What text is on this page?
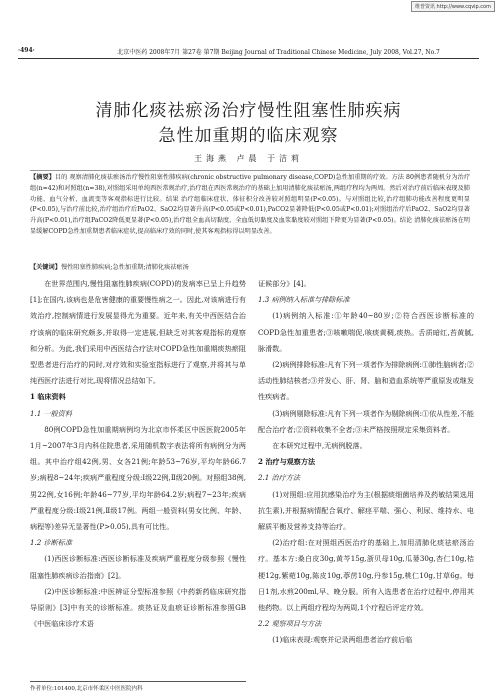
维普资讯 http://www.cqvip.com
·494·	北京中医药 2008年7月 第27卷 第7期 Beijing Journal of Traditional Chinese Medicine, July 2008, Vol.27, No.7
清肺化痰祛瘀汤治疗慢性阻塞性肺疾病
急性加重期的临床观察
王海燕 卢晨 于洁莉
【摘要】目的 观察清肺化痰祛瘀汤治疗慢性阻塞性肺疾病(chronic obstructive pulmonary disease,COPD)急性加重期的疗效。方法 80例患者随机分为治疗组(n=42)和对照组(n=38),对照组采用单纯西医常规治疗,治疗组在西医常规治疗的基础上加用清肺化痰祛瘀汤,两组疗程均为两周。然后对治疗前后临床表现及肺功能、血气分析、血流变等客观指标进行比较。结果 治疗组临床症状、体征积分改善较对照组明显(P<0.05)。与对照组比较,治疗组肺功能改善程度更明显(P<0.05),与治疗前比较,治疗组治疗后PaO2、SaO2均显著升高(P<0.05或P<0.01),PaCO2显著降低(P<0.05或P<0.01);对照组治疗后PaO2、SaO2均显著升高(P<0.01),治疗组PaCO2降低更显著(P<0.05),治疗组全血高切黏度、全血低切黏度及血浆黏度较对照组下降更为显著(P<0.05)。结论 清肺化痰祛瘀汤在明显缓解COPD急性加重期患者临床症状,提高临床疗效的同时,使其客观指标得以明显改善。
【关键词】慢性阻塞性肺疾病;急性加重期;清肺化痰祛瘀汤

在世界范围内,慢性阻塞性肺疾病(COPD)的发病率已呈上升趋势[1];在国内,该病也是危害健康的重要慢性病之一。因此,对该病进行有效治疗,控制病情进行发展显得尤为重要。近年来,有关中西医结合治疗该病的临床研究颇多,并取得一定进展,但缺乏对其客观指标的观察和分析。为此,我们采用中西医结合疗法对COPD急性加重期痰热瘀阻型患者进行治疗的同时,对疗效和实验室指标进行了观察,并将其与单纯西医疗法进行对比,现将情况总结如下。

1 临床资料

1.1 一般资料

80例COPD急性加重期病例均为北京市怀柔区中医医院2005年1月~2007年3月内科住院患者,采用随机数字表法将所有病例分为两组。其中治疗组42例,男、女各21例;年龄53~76岁,平均年龄66.7岁;病程8~24年;疾病严重程度分级:Ⅰ级22例,Ⅱ级20例。对照组38例,男22例,女16例;年龄46~77岁,平均年龄64.2岁;病程7~23年;疾病严重程度分级:Ⅰ级21例,Ⅱ级17例。两组一般资料(男女比例、年龄、病程等)差异无显著性(P>0.05),具有可比性。

1.2 诊断标准

(1)西医诊断标准:西医诊断标准及疾病严重程度分级参照《慢性阻塞性肺疾病诊治指南》[2]。

(2)中医诊断标准:中医辨证分型标准参照《中药新药临床研究指导原则》[3]中有关的诊断标准。痰热证及血瘀证诊断标准参照GB《中医临床诊疗术语

作者单位:101400,北京市怀柔区中医医院内科

证候部分》[4]。

1.3 病例纳入标准与排除标准

(1)病例纳入标准:①年龄40~80岁;②符合西医诊断标准的COPD急性加重患者;③咳嗽喘促,咳痰黄稠,痰热。舌质暗红,苔黄腻,脉滑数。

(2)病例排除标准:凡有下列一项者作为排除病例:①肺性脑病者;②活动性肺结核者;③并发心、肝、肾、脑和造血系统等严重原发或继发性疾病者。

(3)病例剔除标准:凡有下列一项者作为剔除病例:①依从性差,不能配合治疗者;②资料收集不全者;③未严格按照规定采集资料者。

在本研究过程中,无病例脱落。

2 治疗与观察方法

2.1 治疗方法

(1)对照组:应用抗感染治疗为主(根据痰细菌培养及药敏结果选用抗生素),并根据病情配合氧疗、解痉平喘、强心、利尿、维持水、电解质平衡及营养支持等治疗。

(2)治疗组:在对照组西医治疗的基础上,加用清肺化痰祛瘀汤治疗。基本方:桑白皮30g,黄芩15g,浙贝母10g,瓜蒌30g,杏仁10g,桔梗12g,紫菀10g,陈皮10g,葶苈10g,丹参15g,桃仁10g,甘草6g。每日1剂,水煎200ml,早、晚分服。所有入选患者在治疗过程中,停用其他药物。以上两组疗程均为两周,1个疗程后评定疗效。

2.2 观察项目与方法

(1)临床表现:观察并记录两组患者治疗前后临
